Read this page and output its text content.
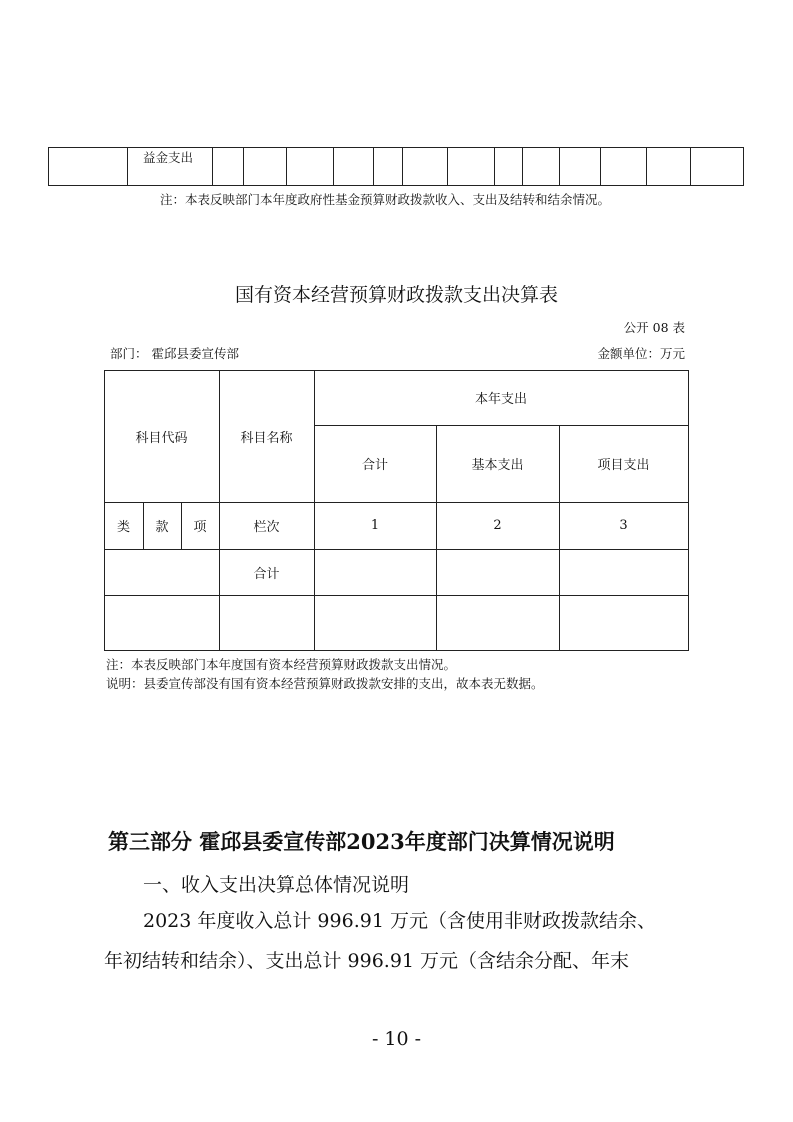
益金支出
注：本表反映部门本年度政府性基金预算财政拨款收入、支出及结转和结余情况。
国有资本经营预算财政拨款支出决算表
公开 08 表
部门： 霍邱县委宣传部	金额单位：万元
科目代码	科目名称
本年支出
合计	基本支出	项目支出
类	款	项	栏次	1	2	3
合计
注：本表反映部门本年度国有资本经营预算财政拨款支出情况。
说明：县委宣传部没有国有资本经营预算财政拨款安排的支出，故本表无数据。
第三部分 霍邱县委宣传部2023年度部门决算情况说明
一、收入支出决算总体情况说明
2023 年度收入总计 996.91 万元（含使用非财政拨款结余、
年初结转和结余）、支出总计 996.91 万元（含结余分配、年末
- 10 -
